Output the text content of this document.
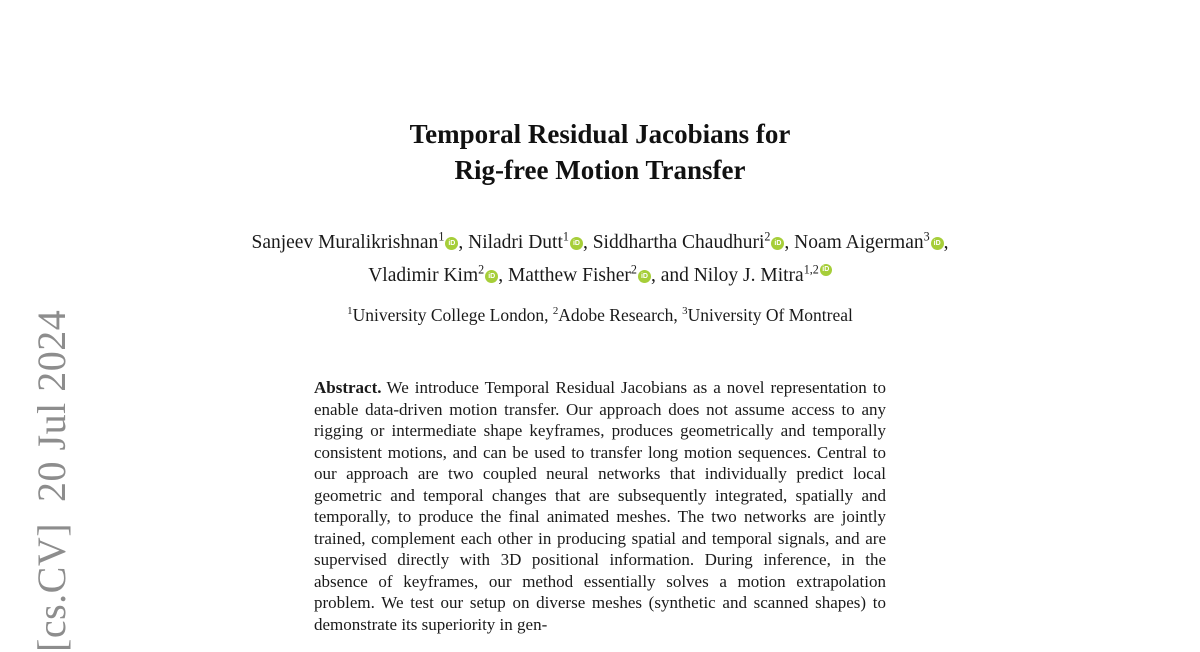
[cs.CV]  20 Jul 2024
Temporal Residual Jacobians for
Rig-free Motion Transfer
Sanjeev Muralikrishnan$^1$ iD , Niladri Dutt$^1$ iD , Siddhartha Chaudhuri$^2$ iD , Noam Aigerman$^3$ iD , Vladimir Kim$^2$ iD , Matthew Fisher$^2$ iD , and Niloy J. Mitra$^{1,2}$ iD
$^1$University College London, $^2$Adobe Research, $^3$University Of Montreal
Abstract. We introduce Temporal Residual Jacobians as a novel representation to enable data-driven motion transfer. Our approach does not assume access to any rigging or intermediate shape keyframes, produces geometrically and temporally consistent motions, and can be used to transfer long motion sequences. Central to our approach are two coupled neural networks that individually predict local geometric and temporal changes that are subsequently integrated, spatially and temporally, to produce the final animated meshes. The two networks are jointly trained, complement each other in producing spatial and temporal signals, and are supervised directly with 3D positional information. During inference, in the absence of keyframes, our method essentially solves a motion extrapolation problem. We test our setup on diverse meshes (synthetic and scanned shapes) to demonstrate its superiority in gen-
